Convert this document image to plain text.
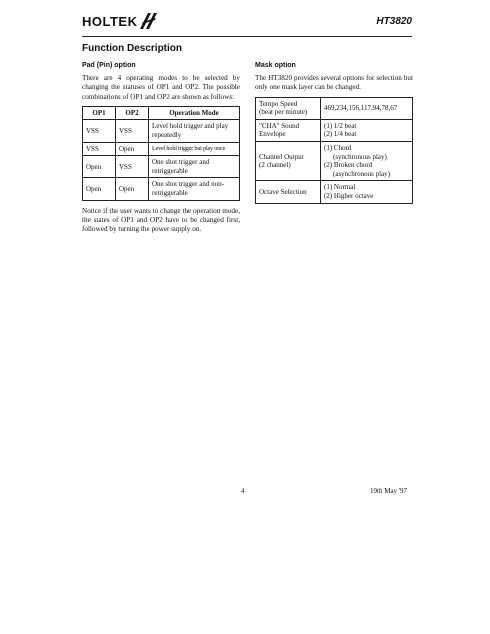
HOLTEK	HT3820
Function Description
Pad (Pin) option

There are 4 operating modes to be selected by changing the statuses of OP1 and OP2. The possible combinations of OP1 and OP2 are shown as follows:

OP1	OP2	Operation Mode
VSS	VSS	Level hold trigger and play repeatedly
VSS	Open	Level hold trigger but play once
Open	VSS	One shot trigger and retriggerable
Open	Open	One shot trigger and non-retriggerable

Notice if the user wants to change the operation mode, the states of OP1 and OP2 have to be changed first, followed by turning the power supply on.

Mask option

The HT3820 provides several options for selection but only one mask layer can be changed.

Tempo Speed
(beat per minute)	469,234,156,117,94,78,67

"CHA" Sound
Envelope	(1) 1/2 beat
(2) 1/4 beat

Channel Output
(2 channel)	(1) Chord
(synchronous play)
(2) Broken chord
(asynchronous play)

Octave Selection	(1) Normal
(2) Higher octave
4	19th May '97
